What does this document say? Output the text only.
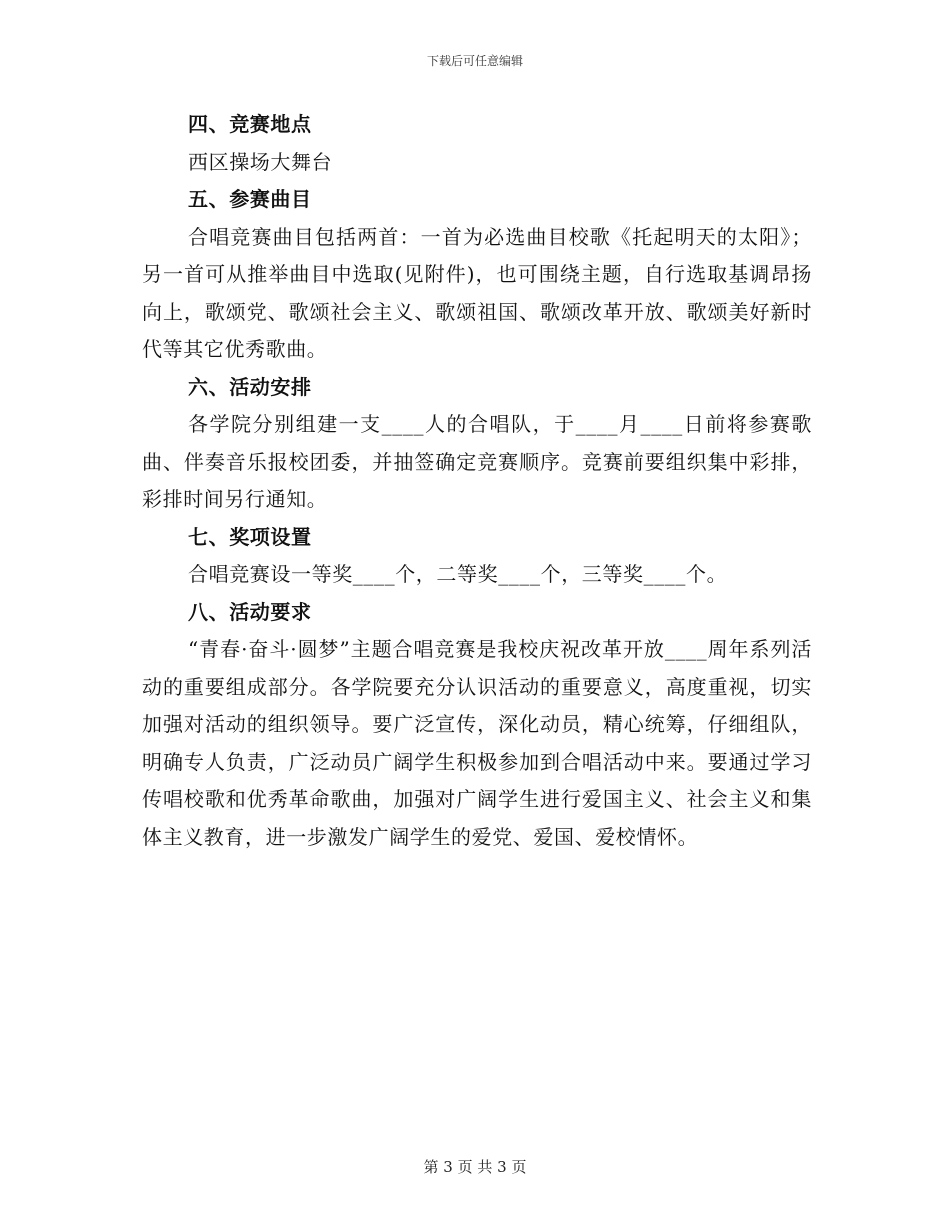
下载后可任意编辑

四、竞赛地点

西区操场大舞台

五、参赛曲目

合唱竞赛曲目包括两首：一首为必选曲目校歌《托起明天的太阳》；另一首可从推举曲目中选取(见附件)，也可围绕主题，自行选取基调昂扬向上，歌颂党、歌颂社会主义、歌颂祖国、歌颂改革开放、歌颂美好新时代等其它优秀歌曲。

六、活动安排

各学院分别组建一支____人的合唱队，于____月____日前将参赛歌曲、伴奏音乐报校团委，并抽签确定竞赛顺序。竞赛前要组织集中彩排，彩排时间另行通知。

七、奖项设置

合唱竞赛设一等奖____个，二等奖____个，三等奖____个。

八、活动要求

“青春·奋斗·圆梦”主题合唱竞赛是我校庆祝改革开放____周年系列活动的重要组成部分。各学院要充分认识活动的重要意义，高度重视，切实加强对活动的组织领导。要广泛宣传，深化动员，精心统筹，仔细组队，明确专人负责，广泛动员广阔学生积极参加到合唱活动中来。要通过学习传唱校歌和优秀革命歌曲，加强对广阔学生进行爱国主义、社会主义和集体主义教育，进一步激发广阔学生的爱党、爱国、爱校情怀。

第 3 页 共 3 页
